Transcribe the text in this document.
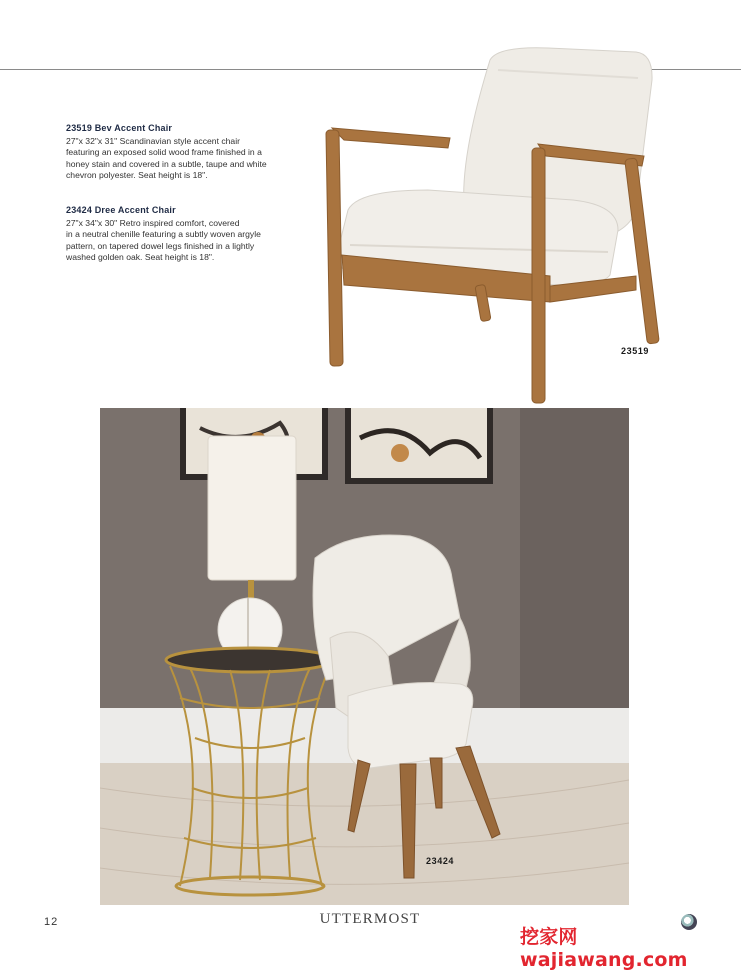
23519 Bev Accent Chair
27"x 32"x 31" Scandinavian style accent chair
featuring an exposed solid wood frame finished in a
honey stain and covered in a subtle, taupe and white
chevron polyester. Seat height is 18".
23424 Dree Accent Chair
27"x 34"x 30" Retro inspired comfort, covered
in a neutral chenille featuring a subtly woven argyle
pattern, on tapered dowel legs finished in a lightly
washed golden oak. Seat height is 18".
23519
23424
12	UTTERMOST
挖家网 wajiawang.com
